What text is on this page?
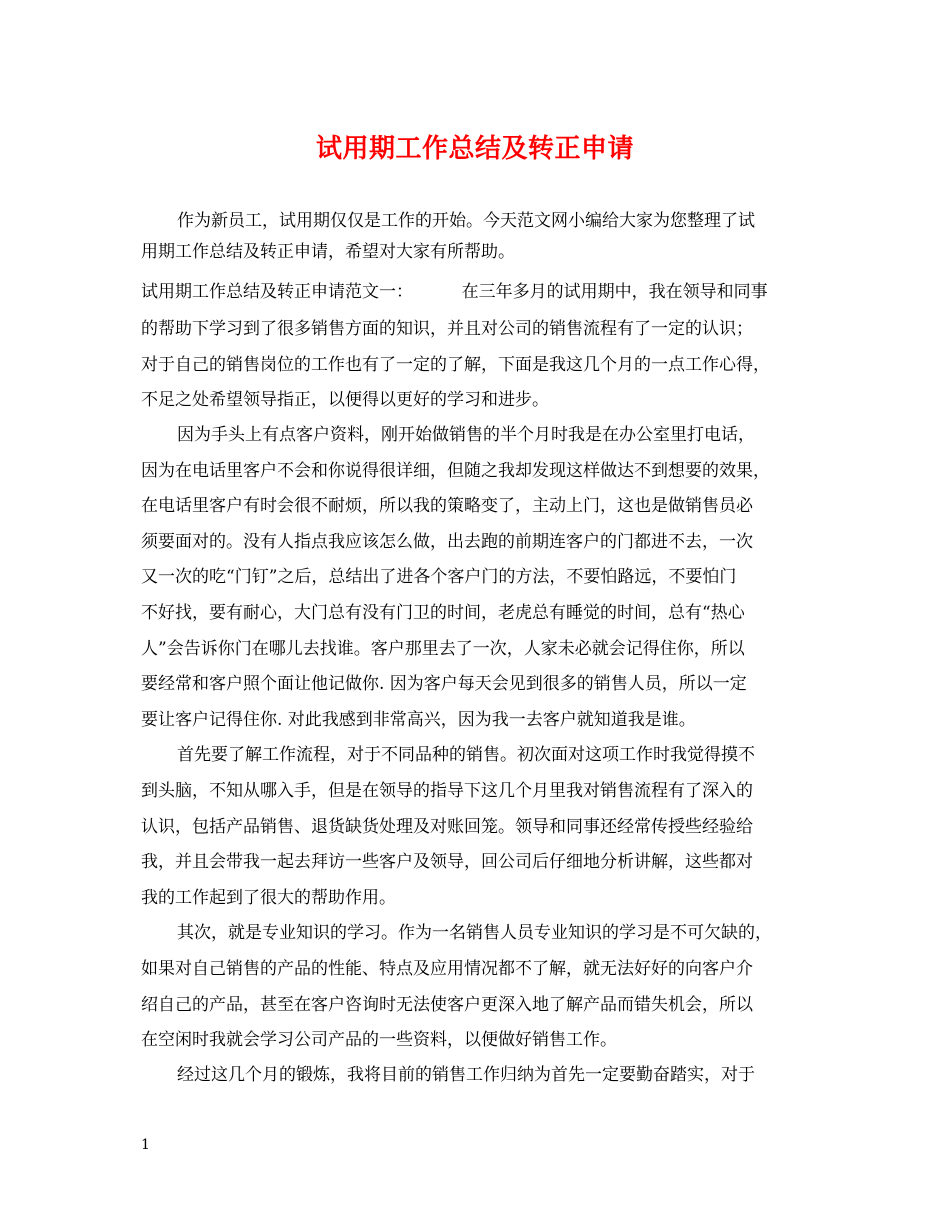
试用期工作总结及转正申请
作为新员工，试用期仅仅是工作的开始。今天范文网小编给大家为您整理了试
用期工作总结及转正申请，希望对大家有所帮助。
试用期工作总结及转正申请范文一：         在三年多月的试用期中，我在领导和同事
的帮助下学习到了很多销售方面的知识，并且对公司的销售流程有了一定的认识；
对于自己的销售岗位的工作也有了一定的了解，下面是我这几个月的一点工作心得，
不足之处希望领导指正，以便得以更好的学习和进步。
因为手头上有点客户资料，刚开始做销售的半个月时我是在办公室里打电话，
因为在电话里客户不会和你说得很详细，但随之我却发现这样做达不到想要的效果，
在电话里客户有时会很不耐烦，所以我的策略变了，主动上门，这也是做销售员必
须要面对的。没有人指点我应该怎么做，出去跑的前期连客户的门都进不去，一次
又一次的吃“门钉”之后，总结出了进各个客户门的方法，不要怕路远，不要怕门
不好找，要有耐心，大门总有没有门卫的时间，老虎总有睡觉的时间，总有“热心
人”会告诉你门在哪儿去找谁。客户那里去了一次，人家未必就会记得住你，所以
要经常和客户照个面让他记做你. 因为客户每天会见到很多的销售人员，所以一定
要让客户记得住你. 对此我感到非常高兴，因为我一去客户就知道我是谁。
首先要了解工作流程，对于不同品种的销售。初次面对这项工作时我觉得摸不
到头脑，不知从哪入手，但是在领导的指导下这几个月里我对销售流程有了深入的
认识，包括产品销售、退货缺货处理及对账回笼。领导和同事还经常传授些经验给
我，并且会带我一起去拜访一些客户及领导，回公司后仔细地分析讲解，这些都对
我的工作起到了很大的帮助作用。
其次，就是专业知识的学习。作为一名销售人员专业知识的学习是不可欠缺的，
如果对自己销售的产品的性能、特点及应用情况都不了解，就无法好好的向客户介
绍自己的产品，甚至在客户咨询时无法使客户更深入地了解产品而错失机会，所以
在空闲时我就会学习公司产品的一些资料，以便做好销售工作。
经过这几个月的锻炼，我将目前的销售工作归纳为首先一定要勤奋踏实，对于
1
